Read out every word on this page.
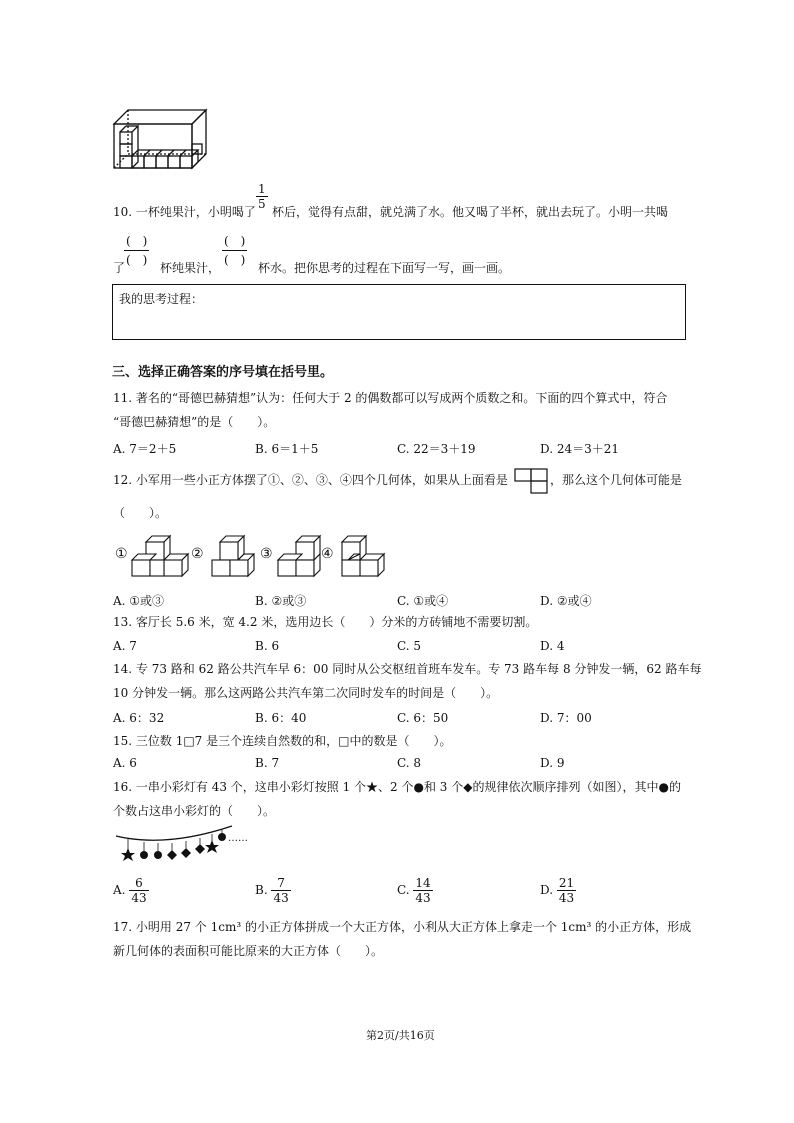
10. 一杯纯果汁，小明喝了
$\frac{1}{5}$
杯后，觉得有点甜，就兑满了水。他又喝了半杯，就出去玩了。小明一共喝
了
$\frac{( )}{( )}$ 杯纯果汁， $\frac{( )}{( )}$ 杯水。把你思考的过程在下面写一写，画一画。
我的思考过程：
三、选择正确答案的序号填在括号里。
11. 著名的“哥德巴赫猜想”认为：任何大于 2 的偶数都可以写成两个质数之和。下面的四个算式中，符合
“哥德巴赫猜想”的是（　　）。
A. 7＝2＋5	B. 6＝1＋5	C. 22＝3＋19	D. 24＝3＋21
12. 小军用一些小正方体摆了①、②、③、④四个几何体，如果从上面看是	，那么这个几何体可能是
（　　）。
①	②	③	④
A. ①或③	B. ②或③	C. ①或④	D. ②或④
13. 客厅长 5.6 米，宽 4.2 米，选用边长（　　）分米的方砖铺地不需要切割。
A. 7	B. 6	C. 5	D. 4
14. 专 73 路和 62 路公共汽车早 6：00 同时从公交枢纽首班车发车。专 73 路车每 8 分钟发一辆，62 路车每
10 分钟发一辆。那么这两路公共汽车第二次同时发车的时间是（　　）。
A. 6：32	B. 6：40	C. 6：50	D. 7：00
15. 三位数 1□7 是三个连续自然数的和，□中的数是（　　）。
A. 6	B. 7	C. 8	D. 9
16. 一串小彩灯有 43 个，这串小彩灯按照 1 个★、2 个●和 3 个◆的规律依次顺序排列（如图），其中●的
个数占这串小彩灯的（　　）。
……
A. $\frac{6}{43}$	B. $\frac{7}{43}$	C. $\frac{14}{43}$	D. $\frac{21}{43}$
17. 小明用 27 个 1cm³ 的小正方体拼成一个大正方体，小利从大正方体上拿走一个 1cm³ 的小正方体，形成
新几何体的表面积可能比原来的大正方体（　　）。
第2页/共16页
